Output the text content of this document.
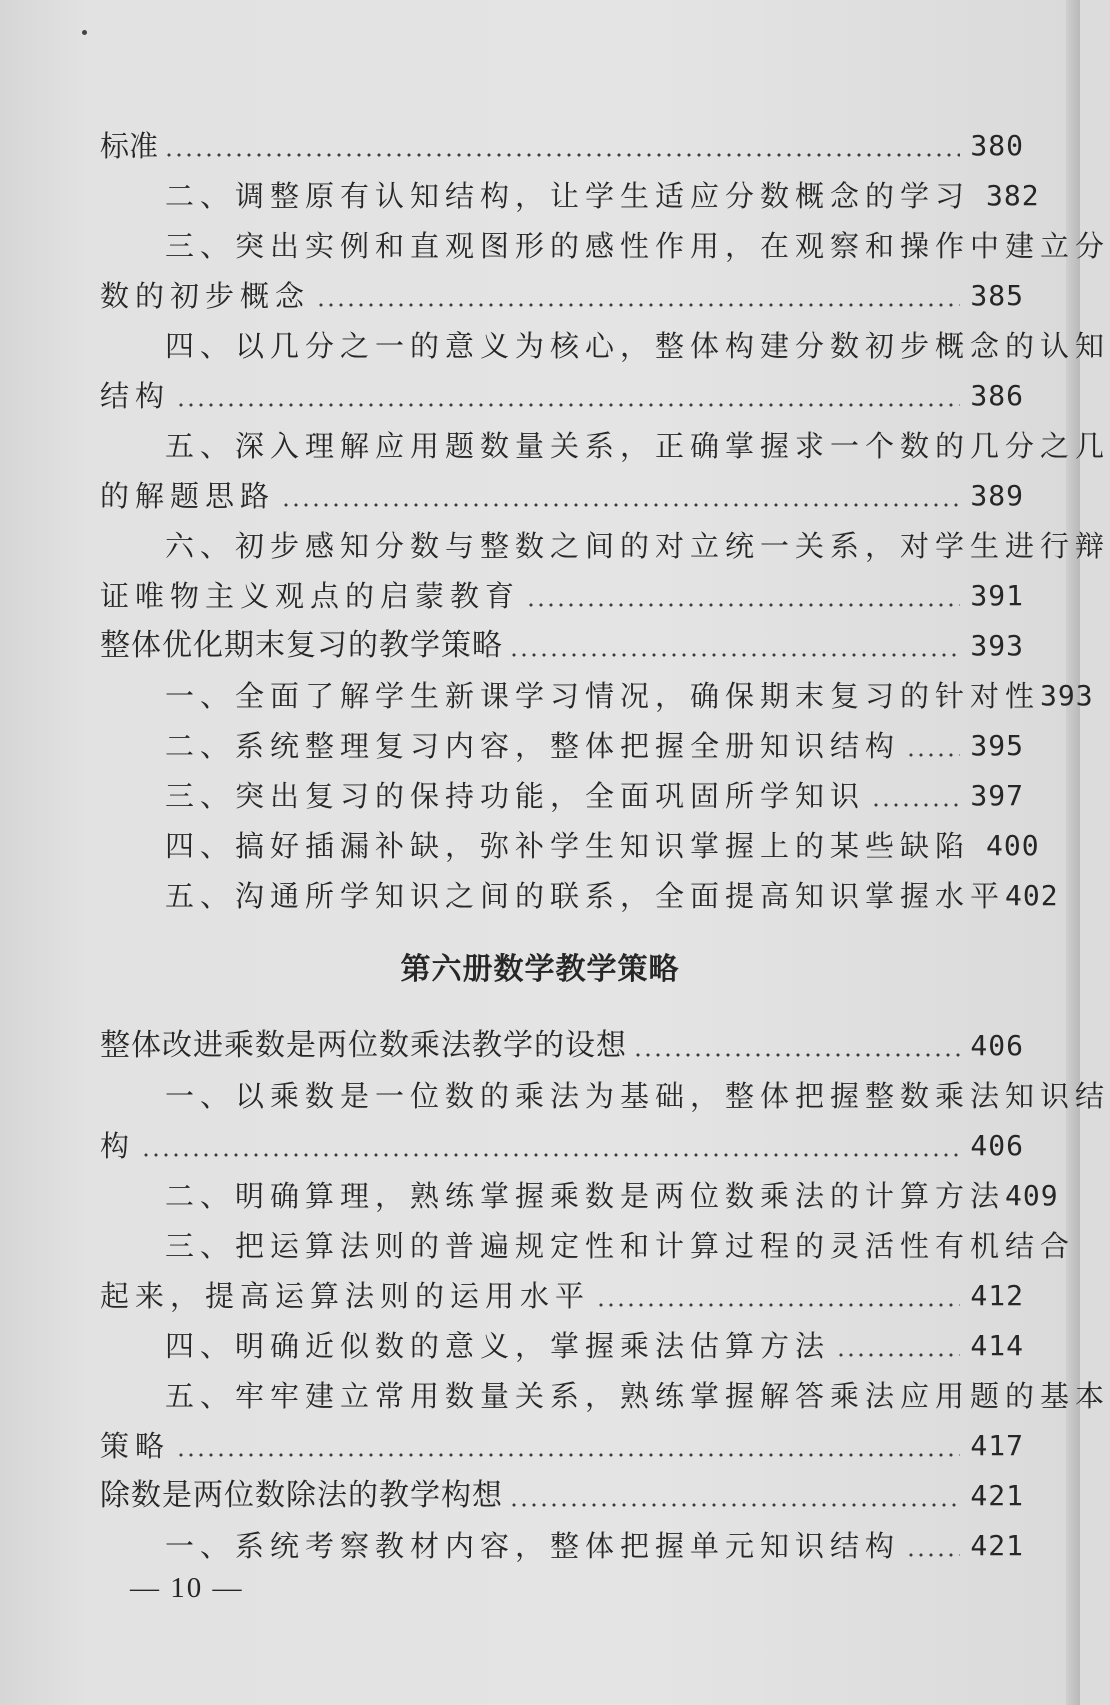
标准	380
二、调整原有认知结构，让学生适应分数概念的学习 382
三、突出实例和直观图形的感性作用，在观察和操作中建立分
数的初步概念	385
四、以几分之一的意义为核心，整体构建分数初步概念的认知
结构	386
五、深入理解应用题数量关系，正确掌握求一个数的几分之几
的解题思路	389
六、初步感知分数与整数之间的对立统一关系，对学生进行辩
证唯物主义观点的启蒙教育	391
整体优化期末复习的教学策略	393
一、全面了解学生新课学习情况，确保期末复习的针对性 393
二、系统整理复习内容，整体把握全册知识结构	395
三、突出复习的保持功能，全面巩固所学知识	397
四、搞好插漏补缺，弥补学生知识掌握上的某些缺陷 400
五、沟通所学知识之间的联系，全面提高知识掌握水平 402
第六册数学教学策略
整体改进乘数是两位数乘法教学的设想	406
一、以乘数是一位数的乘法为基础，整体把握整数乘法知识结
构	406
二、明确算理，熟练掌握乘数是两位数乘法的计算方法 409
三、把运算法则的普遍规定性和计算过程的灵活性有机结合
起来，提高运算法则的运用水平	412
四、明确近似数的意义，掌握乘法估算方法	414
五、牢牢建立常用数量关系，熟练掌握解答乘法应用题的基本
策略	417
除数是两位数除法的教学构想	421
一、系统考察教材内容，整体把握单元知识结构	421
— 10 —
